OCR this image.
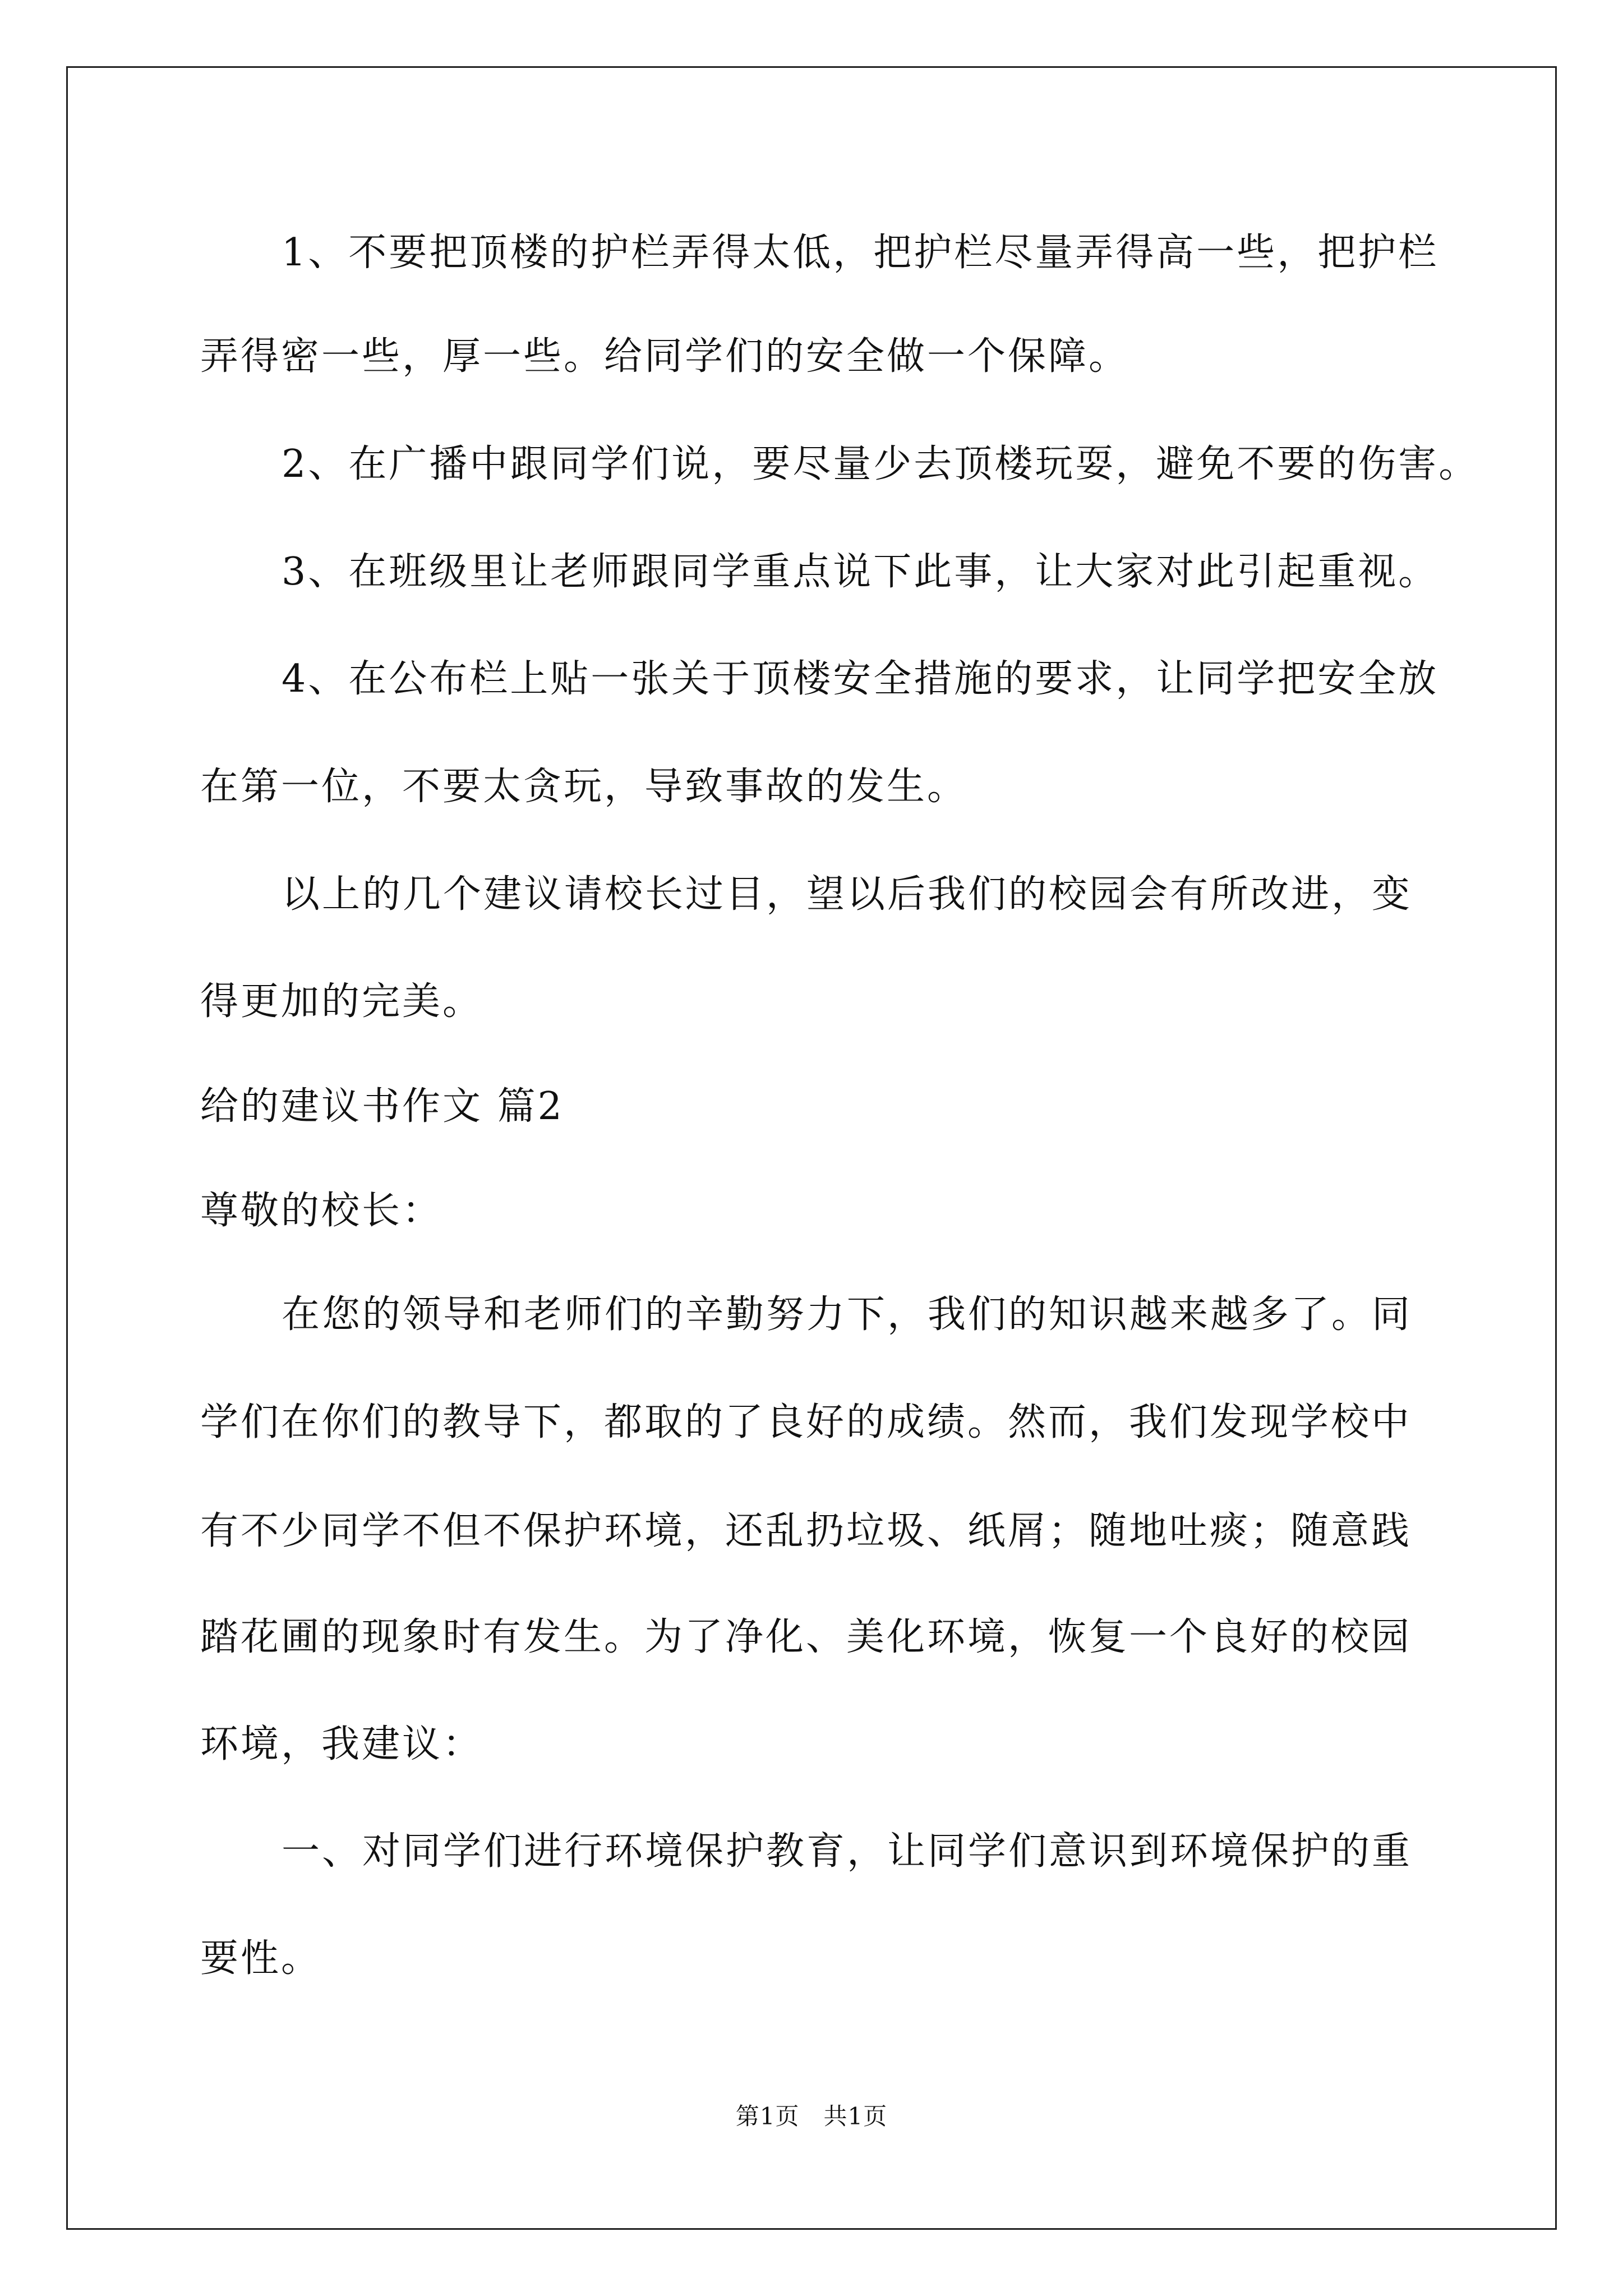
1、不要把顶楼的护栏弄得太低，把护栏尽量弄得高一些，把护栏
弄得密一些，厚一些。给同学们的安全做一个保障。
2、在广播中跟同学们说，要尽量少去顶楼玩耍，避免不要的伤害。
3、在班级里让老师跟同学重点说下此事，让大家对此引起重视。
4、在公布栏上贴一张关于顶楼安全措施的要求，让同学把安全放
在第一位，不要太贪玩，导致事故的发生。
以上的几个建议请校长过目，望以后我们的校园会有所改进，变
得更加的完美。
给的建议书作文 篇2
尊敬的校长：
在您的领导和老师们的辛勤努力下，我们的知识越来越多了。同
学们在你们的教导下，都取的了良好的成绩。然而，我们发现学校中
有不少同学不但不保护环境，还乱扔垃圾、纸屑；随地吐痰；随意践
踏花圃的现象时有发生。为了净化、美化环境，恢复一个良好的校园
环境，我建议：
一、对同学们进行环境保护教育，让同学们意识到环境保护的重
要性。
第1页　共1页
